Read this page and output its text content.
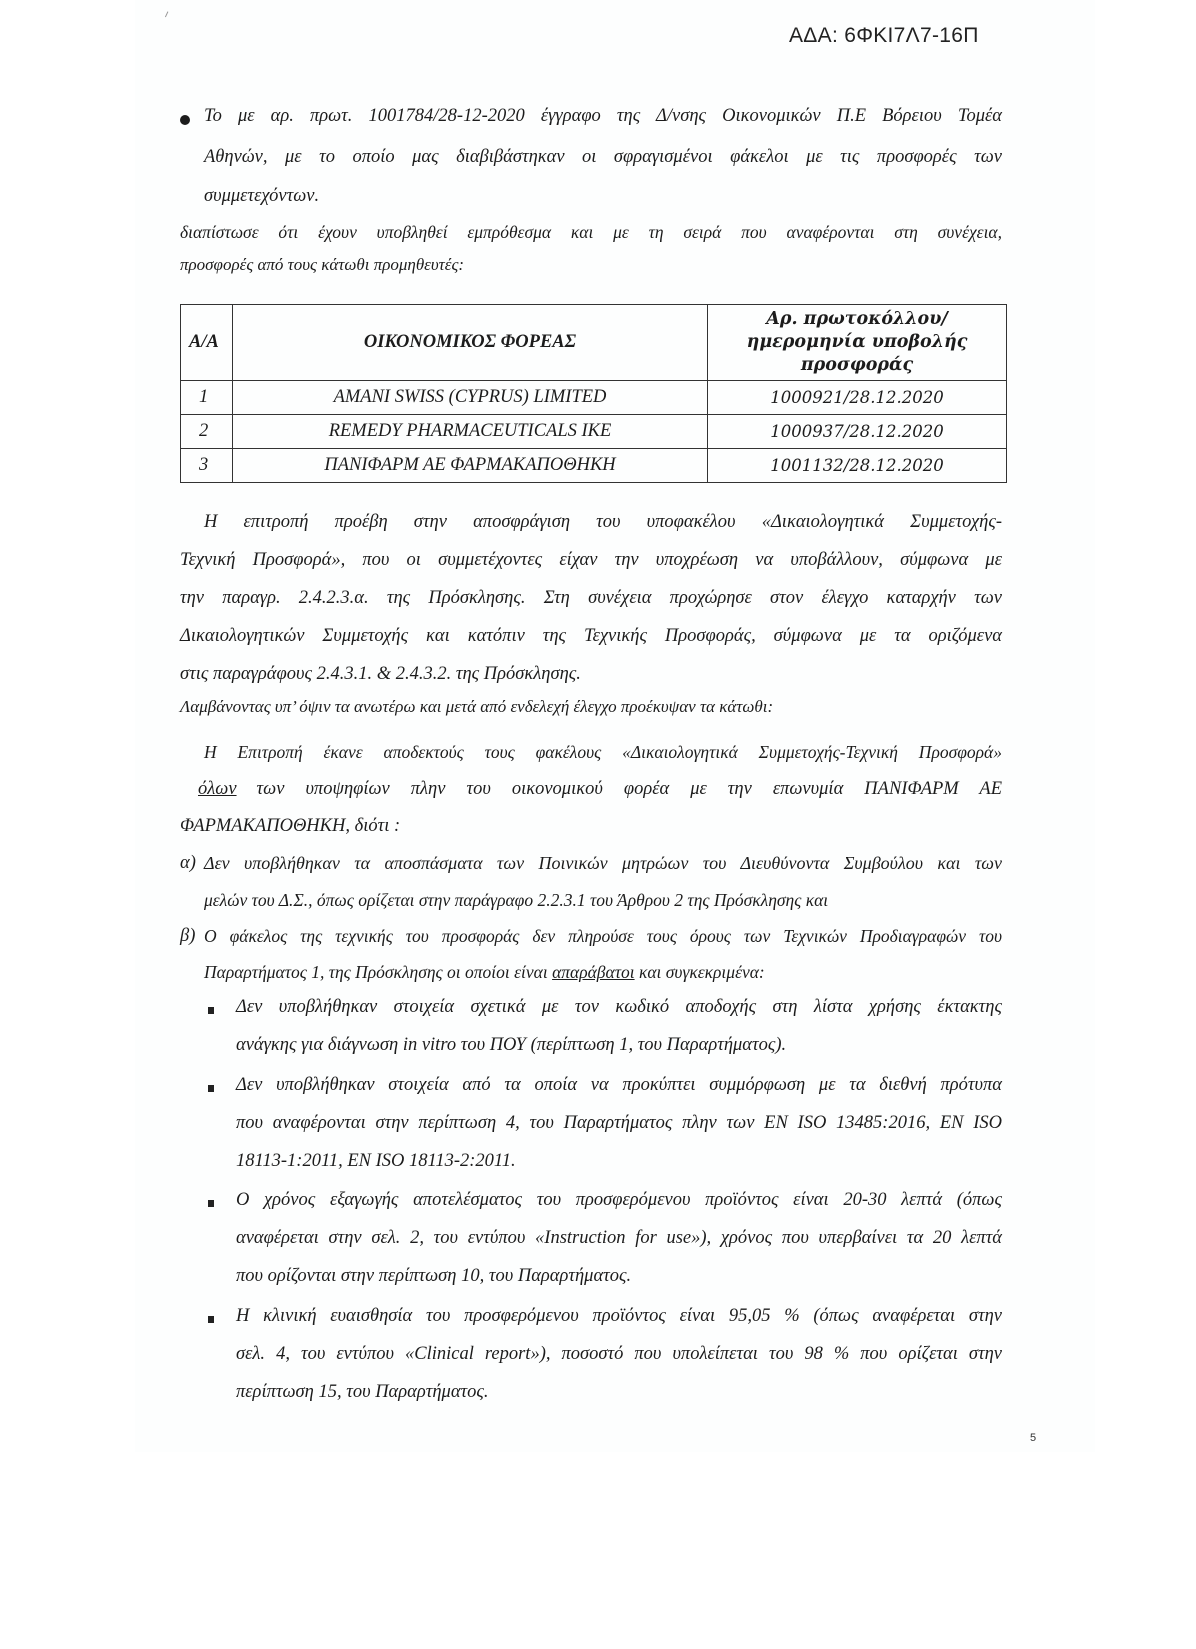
ΑΔΑ: 6ΦΚΙ7Λ7-16Π
Το με αρ. πρωτ. 1001784/28-12-2020 έγγραφο της Δ/νσης Οικονομικών Π.Ε Βόρειου Τομέα
Αθηνών, με το οποίο μας διαβιβάστηκαν οι σφραγισμένοι φάκελοι με τις προσφορές των
συμμετεχόντων.
διαπίστωσε ότι έχουν υποβληθεί εμπρόθεσμα και με τη σειρά που αναφέρονται στη συνέχεια,
προσφορές από τους κάτωθι προμηθευτές:
Α/Α	ΟΙΚΟΝΟΜΙΚΟΣ ΦΟΡΕΑΣ	Αρ. πρωτοκόλλου/
ημερομηνία υποβολής
προσφοράς

1	AMANI SWISS (CYPRUS) LIMITED	1000921/28.12.2020
2	REMEDY PHARMACEUTICALS IKE	1000937/28.12.2020
3	ΠΑΝΙΦΑΡΜ ΑΕ ΦΑΡΜΑΚΑΠΟΘΗΚΗ	1001132/28.12.2020
Η επιτροπή προέβη στην αποσφράγιση του υποφακέλου «Δικαιολογητικά Συμμετοχής-
Τεχνική Προσφορά», που οι συμμετέχοντες είχαν την υποχρέωση να υποβάλλουν, σύμφωνα με
την παραγρ. 2.4.2.3.α. της Πρόσκλησης. Στη συνέχεια προχώρησε στον έλεγχο καταρχήν των
Δικαιολογητικών Συμμετοχής και κατόπιν της Τεχνικής Προσφοράς, σύμφωνα με τα οριζόμενα
στις παραγράφους 2.4.3.1. & 2.4.3.2. της Πρόσκλησης.
Λαμβάνοντας υπ’ όψιν τα ανωτέρω και μετά από ενδελεχή έλεγχο προέκυψαν τα κάτωθι:
Η Επιτροπή έκανε αποδεκτούς τους φακέλους «Δικαιολογητικά Συμμετοχής-Τεχνική Προσφορά»
όλων	των υποψηφίων πλην του οικονομικού φορέα με την επωνυμία ΠΑΝΙΦΑΡΜ ΑΕ
ΦΑΡΜΑΚΑΠΟΘΗΚΗ, διότι :
α) Δεν υποβλήθηκαν τα αποσπάσματα των Ποινικών μητρώων του Διευθύνοντα Συμβούλου και των
μελών του Δ.Σ., όπως ορίζεται στην παράγραφο 2.2.3.1 του Άρθρου 2 της Πρόσκλησης και
β) Ο φάκελος της τεχνικής του προσφοράς δεν πληρούσε τους όρους των Τεχνικών Προδιαγραφών του
Παραρτήματος 1, της Πρόσκλησης οι οποίοι είναι απαράβατοι και συγκεκριμένα:
Δεν υποβλήθηκαν στοιχεία σχετικά με τον κωδικό αποδοχής στη λίστα χρήσης έκτακτης
ανάγκης για διάγνωση in vitro του ΠΟΥ (περίπτωση 1, του Παραρτήματος).
Δεν υποβλήθηκαν στοιχεία από τα οποία να προκύπτει συμμόρφωση με τα διεθνή πρότυπα
που αναφέρονται στην περίπτωση 4, του Παραρτήματος πλην των EN ISO 13485:2016, EN ISO
18113-1:2011, EN ISO 18113-2:2011.
Ο χρόνος εξαγωγής αποτελέσματος του προσφερόμενου προϊόντος είναι 20-30 λεπτά (όπως
αναφέρεται στην σελ. 2, του εντύπου «Instruction for use»), χρόνος που υπερβαίνει τα 20 λεπτά
που ορίζονται στην περίπτωση 10, του Παραρτήματος.
Η κλινική ευαισθησία του προσφερόμενου προϊόντος είναι 95,05 % (όπως αναφέρεται στην
σελ. 4, του εντύπου «Clinical report»), ποσοστό που υπολείπεται του 98 % που ορίζεται στην
περίπτωση 15, του Παραρτήματος.
5
